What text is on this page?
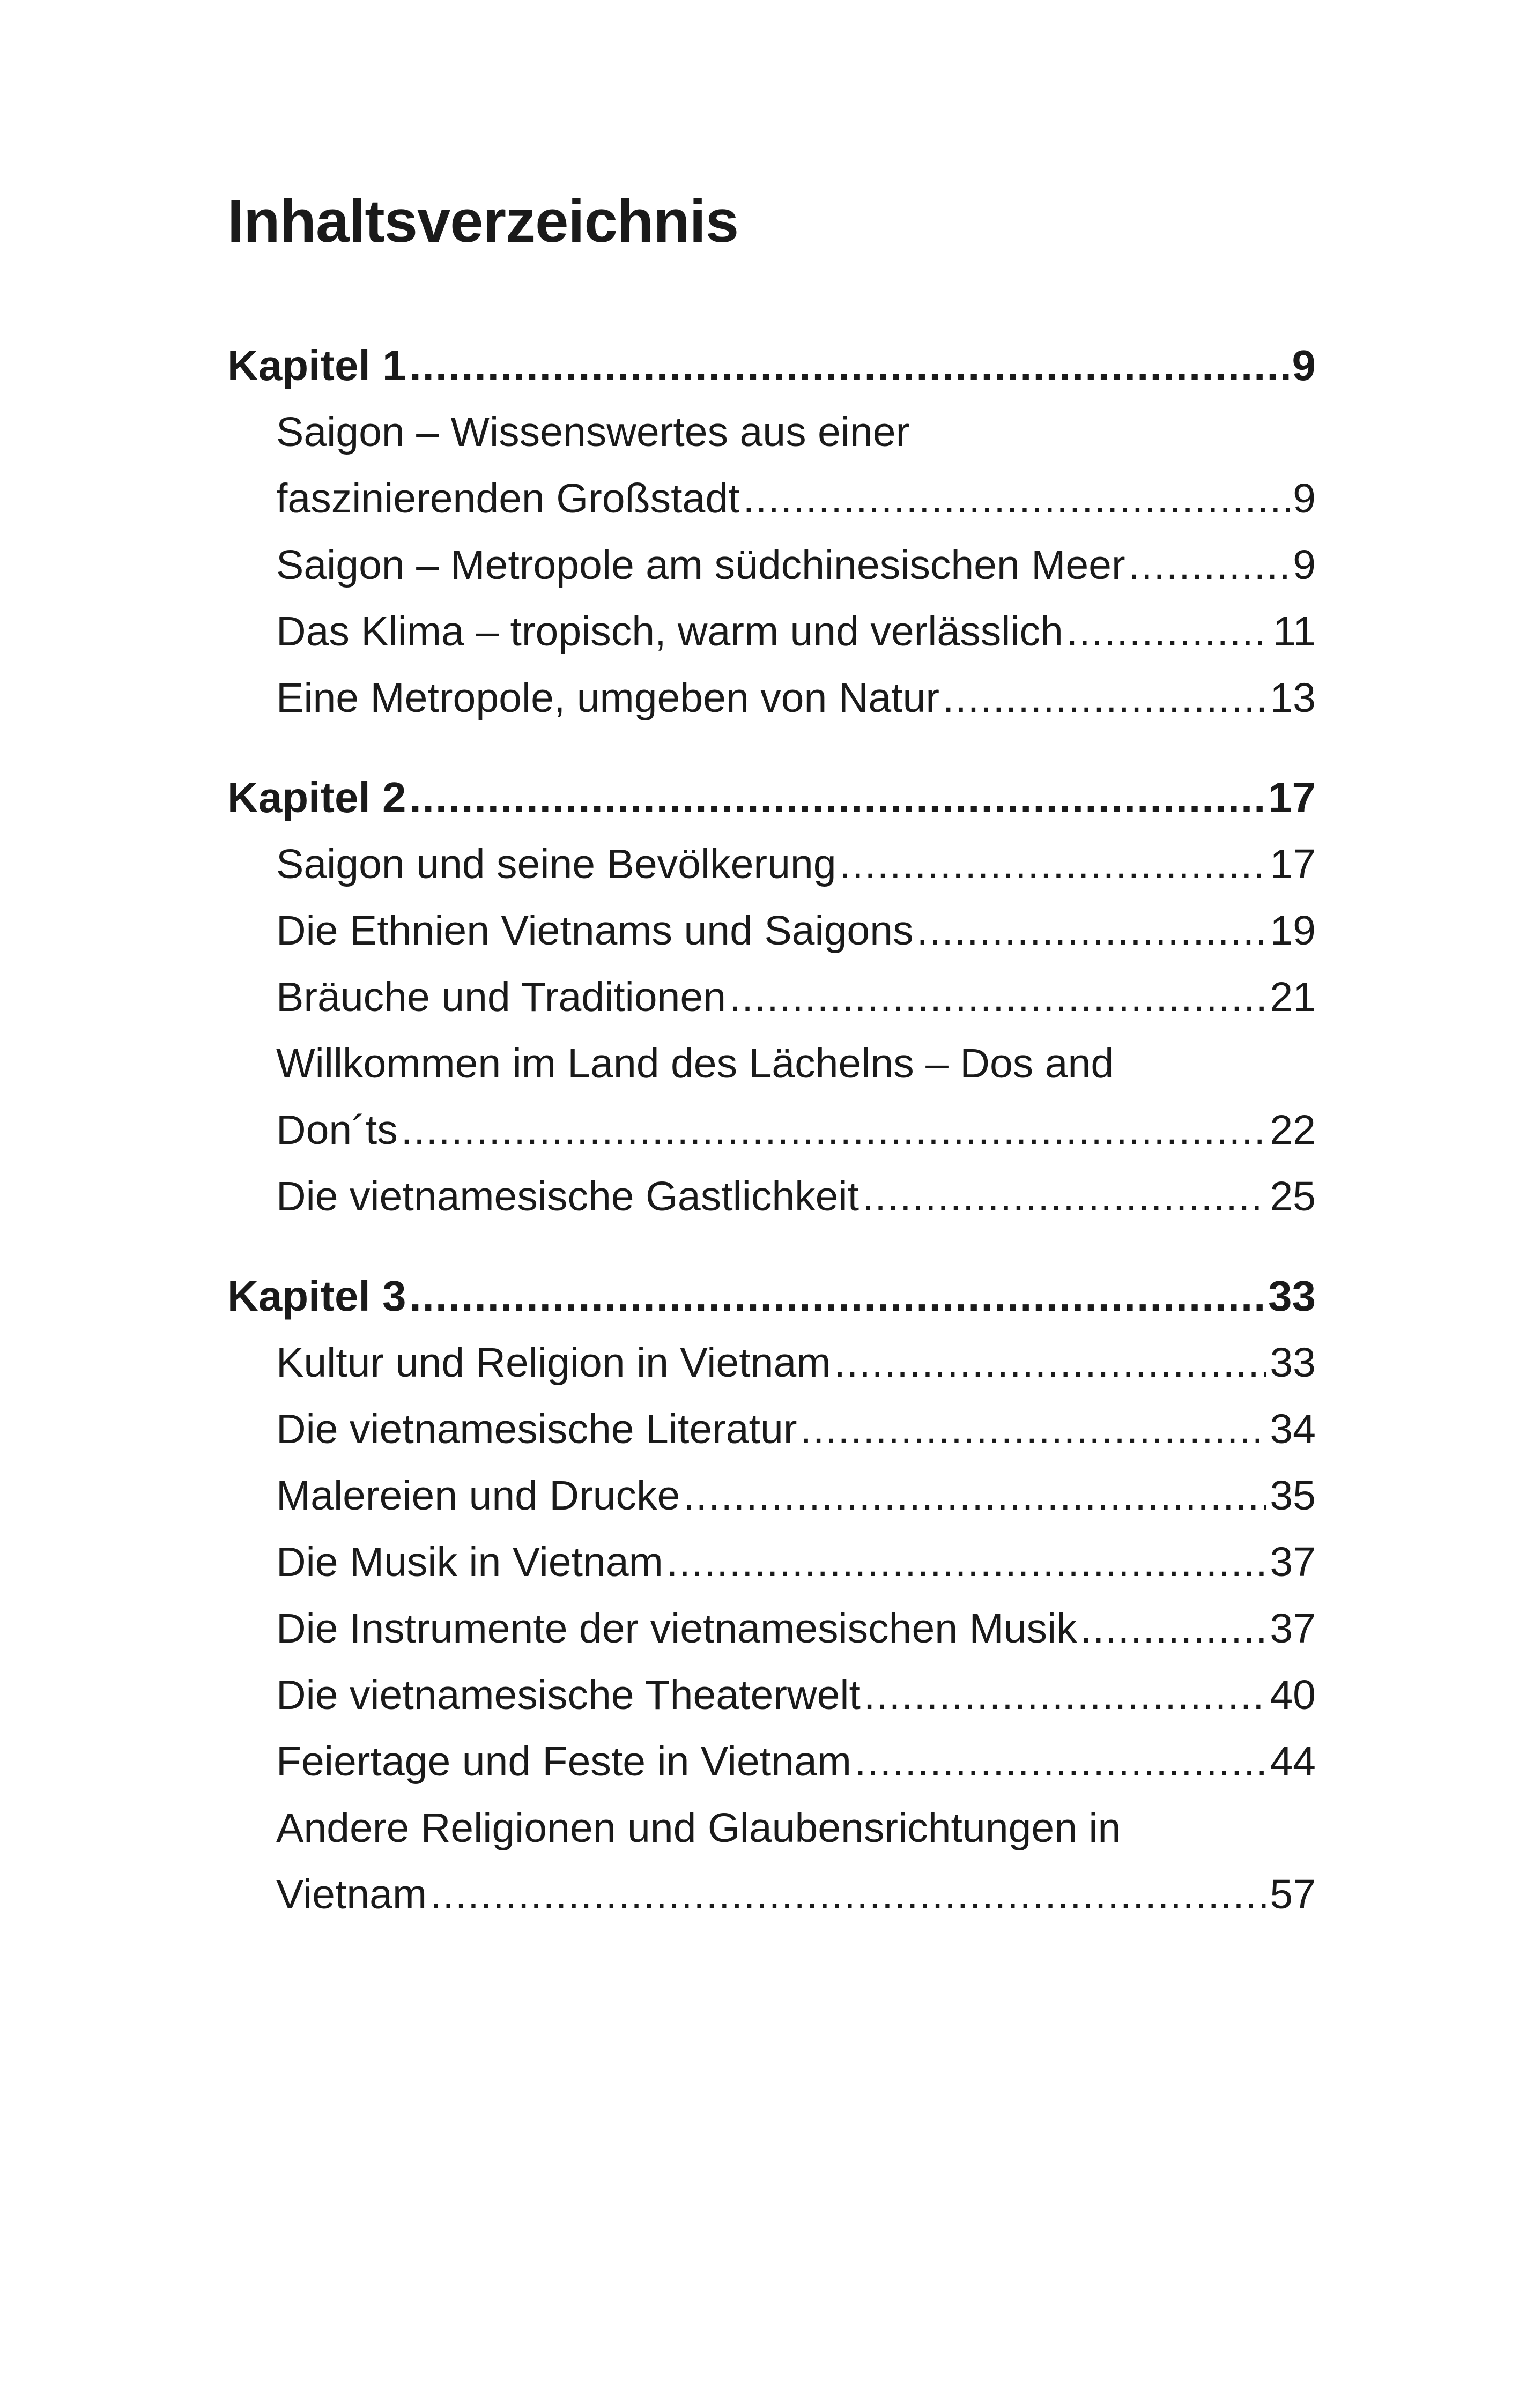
Inhaltsverzeichnis
Kapitel 1 .....	9
Saigon – Wissenswertes aus einer
faszinierenden Großstadt .....	9
Saigon – Metropole am südchinesischen Meer .....	9
Das Klima – tropisch, warm und verlässlich .....	11
Eine Metropole, umgeben von Natur .....	13
Kapitel 2 .....	17
Saigon und seine Bevölkerung .....	17
Die Ethnien Vietnams und Saigons .....	19
Bräuche und Traditionen .....	21
Willkommen im Land des Lächelns – Dos and
Don´ts .....	22
Die vietnamesische Gastlichkeit .....	25
Kapitel 3 .....	33
Kultur und Religion in Vietnam .....	33
Die vietnamesische Literatur .....	34
Malereien und Drucke .....	35
Die Musik in Vietnam .....	37
Die Instrumente der vietnamesischen Musik .....	37
Die vietnamesische Theaterwelt .....	40
Feiertage und Feste in Vietnam .....	44
Andere Religionen und Glaubensrichtungen in
Vietnam .....	57
